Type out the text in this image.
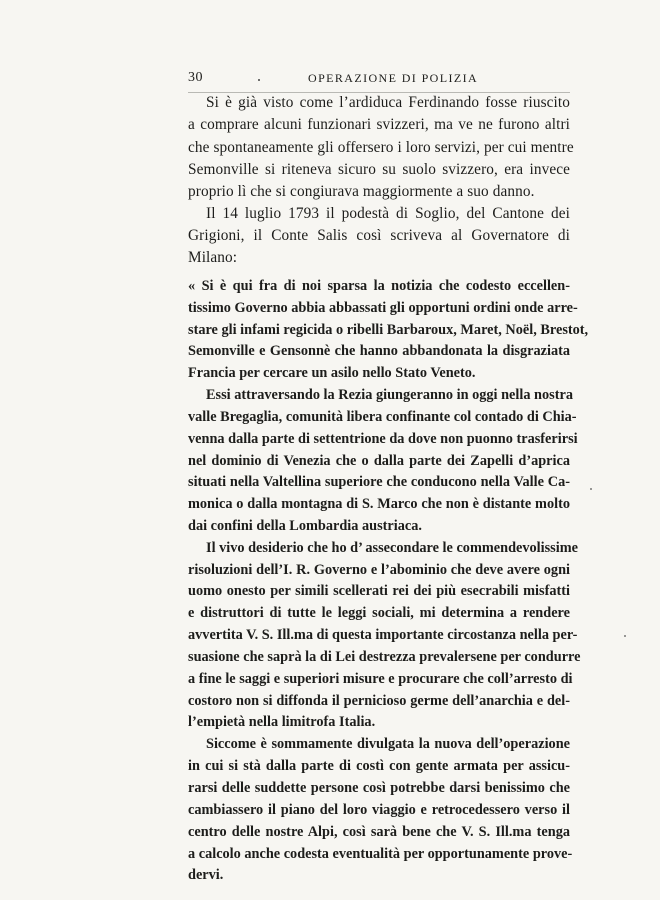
30	OPERAZIONE DI POLIZIA
Si è già visto come l’ardiduca Ferdinando fosse riuscito
a comprare alcuni funzionari svizzeri, ma ve ne furono altri
che spontaneamente gli offersero i loro servizi, per cui mentre
Semonville si riteneva sicuro su suolo svizzero, era invece
proprio lì che si congiurava maggiormente a suo danno.
Il 14 luglio 1793 il podestà di Soglio, del Cantone dei
Grigioni, il Conte Salis così scriveva al Governatore di
Milano:
« Si è qui fra di noi sparsa la notizia che codesto eccellen-
tissimo Governo abbia abbassati gli opportuni ordini onde arre-
stare gli infami regicida o ribelli Barbaroux, Maret, Noël, Brestot,
Semonville e Gensonnè che hanno abbandonata la disgraziata
Francia per cercare un asilo nello Stato Veneto.
Essi attraversando la Rezia giungeranno in oggi nella nostra
valle Bregaglia, comunità libera confinante col contado di Chia-
venna dalla parte di settentrione da dove non puonno trasferirsi
nel dominio di Venezia che o dalla parte dei Zapelli d’aprica
situati nella Valtellina superiore che conducono nella Valle Ca-
monica o dalla montagna di S. Marco che non è distante molto
dai confini della Lombardia austriaca.
Il vivo desiderio che ho d’ assecondare le commendevolissime
risoluzioni dell’I. R. Governo e l’abominio che deve avere ogni
uomo onesto per simili scellerati rei dei più esecrabili misfatti
e distruttori di tutte le leggi sociali, mi determina a rendere
avvertita V. S. Ill.ma di questa importante circostanza nella per-
suasione che saprà la di Lei destrezza prevalersene per condurre
a fine le saggi e superiori misure e procurare che coll’arresto di
costoro non si diffonda il pernicioso germe dell’anarchia e del-
l’empietà nella limitrofa Italia.
Siccome è sommamente divulgata la nuova dell’operazione
in cui si stà dalla parte di costì con gente armata per assicu-
rarsi delle suddette persone così potrebbe darsi benissimo che
cambiassero il piano del loro viaggio e retrocedessero verso il
centro delle nostre Alpi, così sarà bene che V. S. Ill.ma tenga
a calcolo anche codesta eventualità per opportunamente prove-
dervi.
